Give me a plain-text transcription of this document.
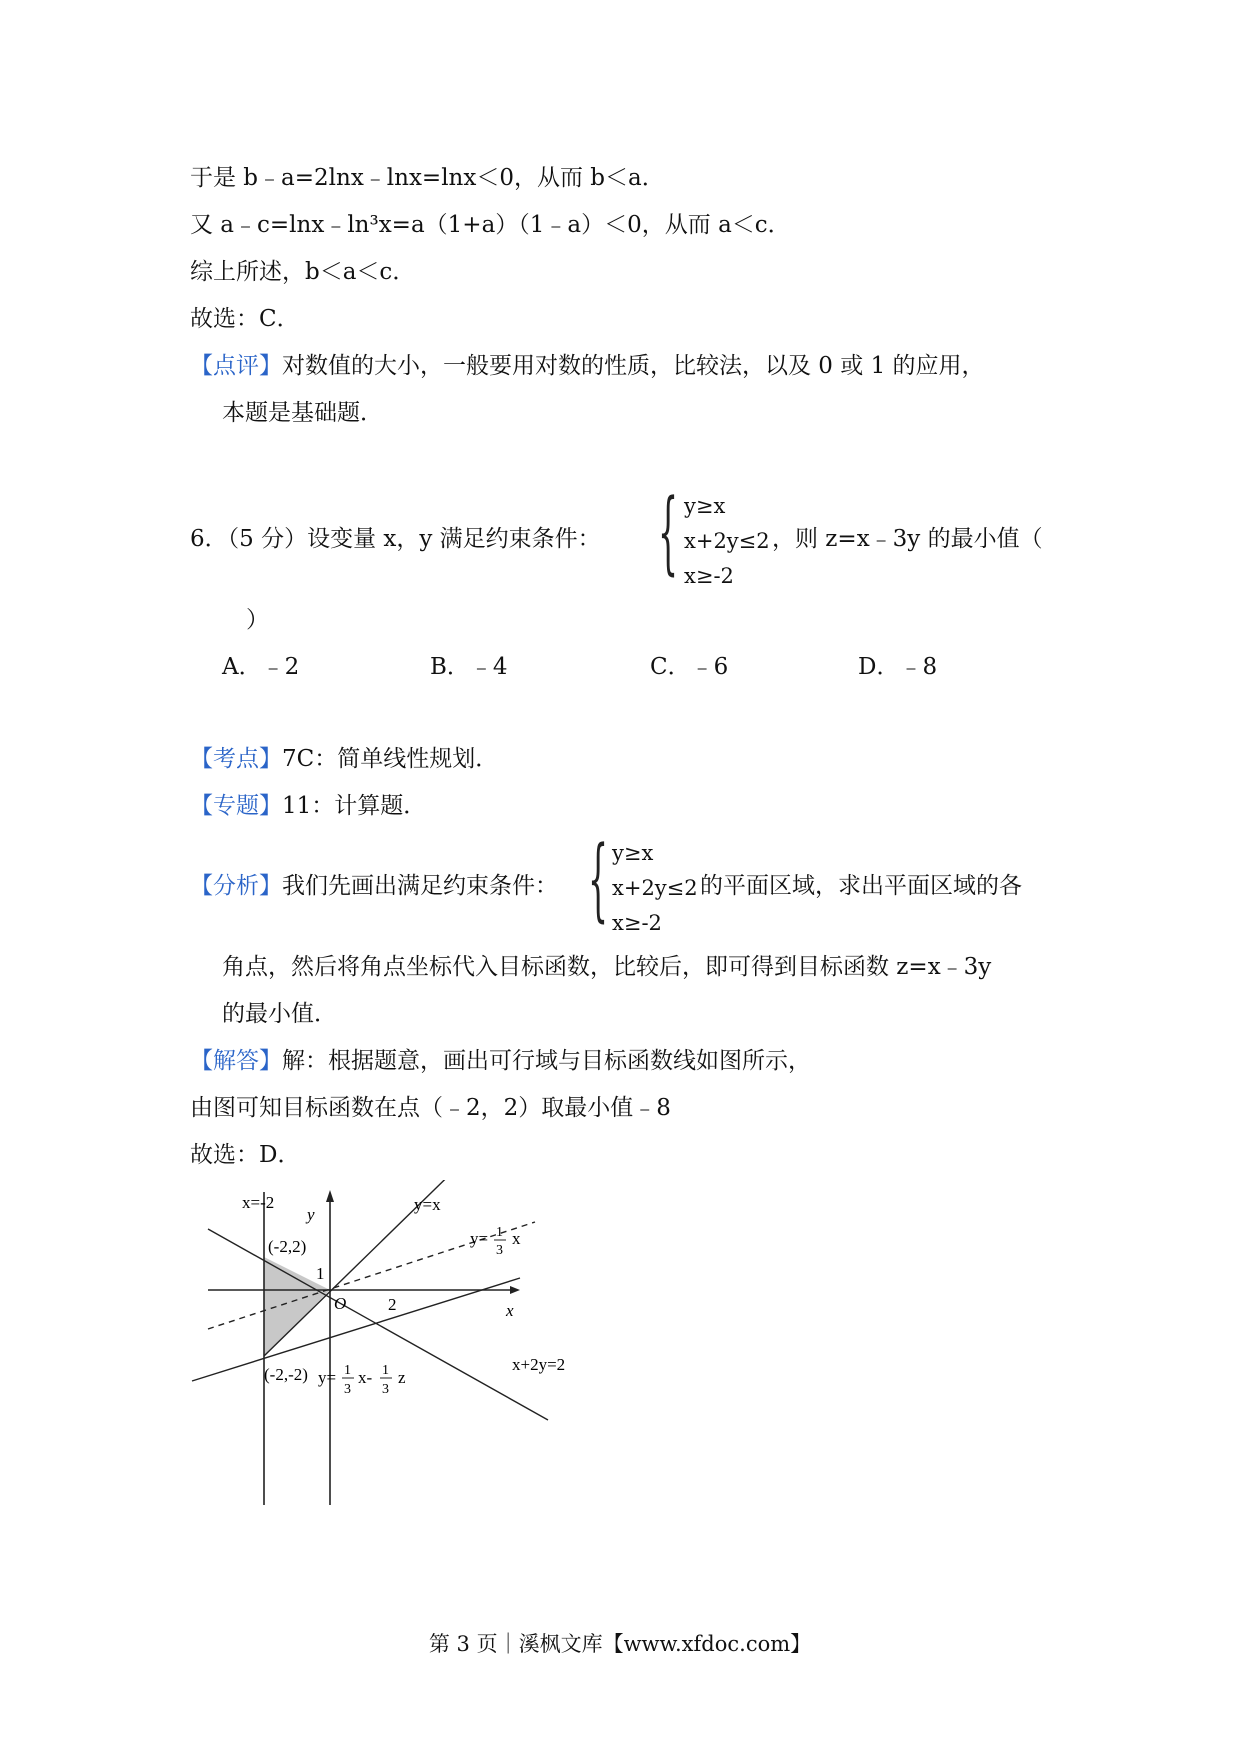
于是 b﹣a=2lnx﹣lnx=lnx＜0，从而 b＜a．
又 a﹣c=lnx﹣ln³x=a（1+a）（1﹣a）＜0，从而 a＜c．
综上所述，b＜a＜c．
故选：C．
【点评】对数值的大小，一般要用对数的性质，比较法，以及 0 或 1 的应用，
本题是基础题．
6．（5 分）设变量 x，y 满足约束条件： { y≥x
x+2y≤2
x≥-2
，则 z=x﹣3y 的最小值（
）
A．﹣2	B．﹣4	C．﹣6	D．﹣8
【考点】7C：简单线性规划．
【专题】11：计算题．
【分析】我们先画出满足约束条件： { y≥x
x+2y≤2
x≥-2
的平面区域，求出平面区域的各
角点，然后将角点坐标代入目标函数，比较后，即可得到目标函数 z=x﹣3y
的最小值．
【解答】解：根据题意，画出可行域与目标函数线如图所示，
由图可知目标函数在点（﹣2，2）取最小值﹣8
故选：D．
x=-2	y=x
y
x
(-2,2)
(-2,-2)
1
O 2
x+2y=2
y= 1
3
x
y= 1
3
x- 1
3
z
第 3 页｜溪枫文库【www.xfdoc.com】
